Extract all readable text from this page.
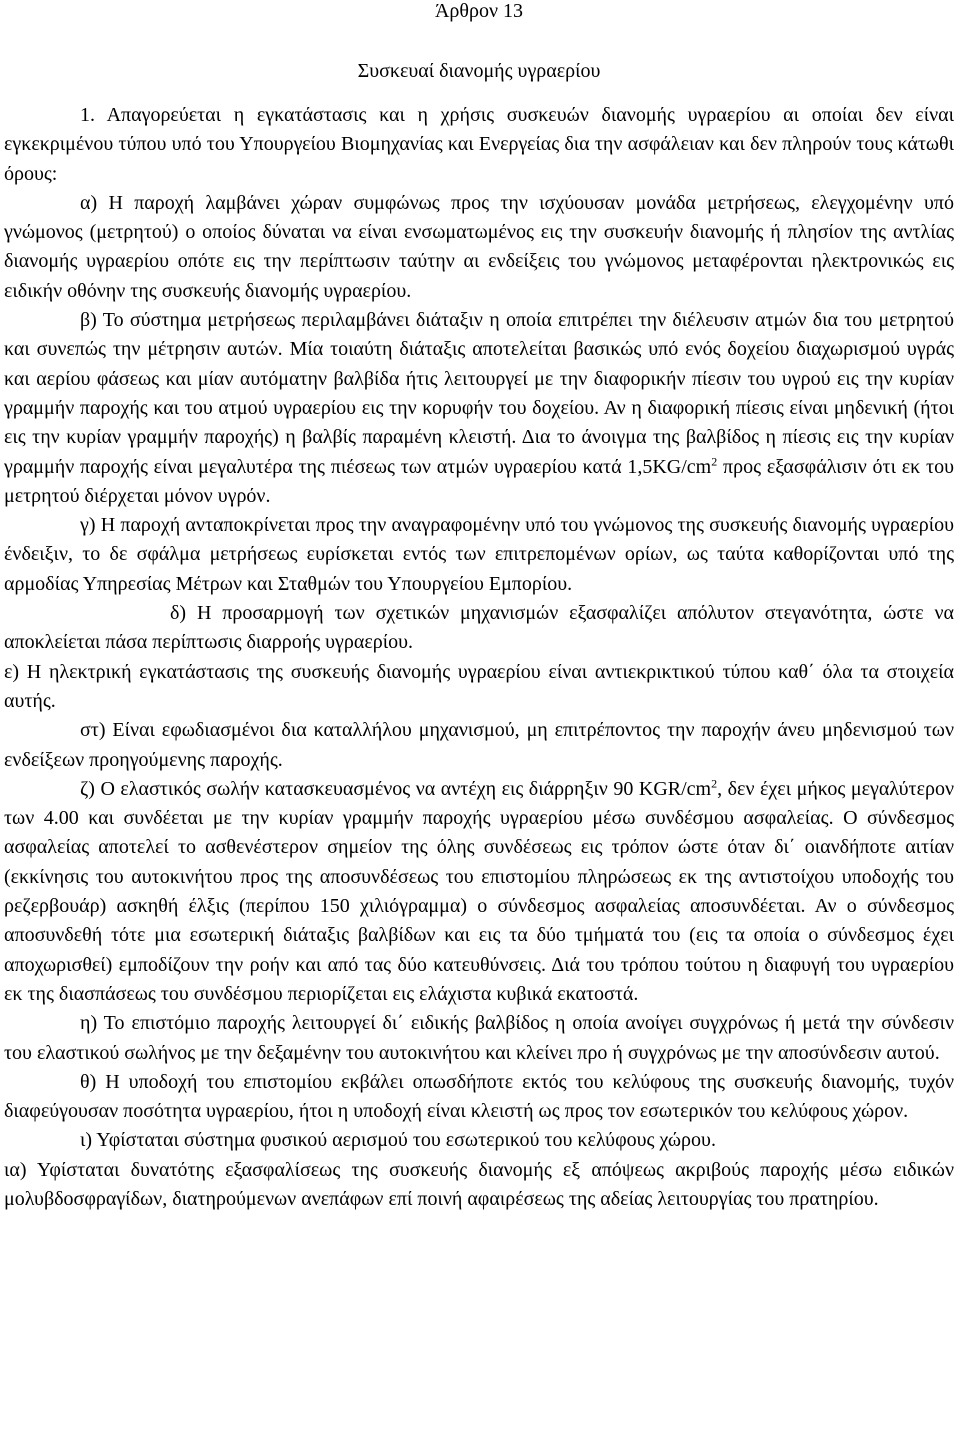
Άρθρον 13
Συσκευαί διανομής υγραερίου

1. Απαγορεύεται η εγκατάστασις και η χρήσις συσκευών διανομής υγραερίου αι οποίαι δεν είναι εγκεκριμένου τύπου υπό του Υπουργείου Βιομηχανίας και Ενεργείας δια την ασφάλειαν και δεν πληρούν τους κάτωθι όρους:

α) Η παροχή λαμβάνει χώραν συμφώνως προς την ισχύουσαν μονάδα μετρήσεως, ελεγχομένην υπό γνώμονος (μετρητού) ο οποίος δύναται να είναι ενσωματωμένος εις την συσκευήν διανομής ή πλησίον της αντλίας διανομής υγραερίου οπότε εις την περίπτωσιν ταύτην αι ενδείξεις του γνώμονος μεταφέρονται ηλεκτρονικώς εις ειδικήν οθόνην της συσκευής διανομής υγραερίου.

β) Το σύστημα μετρήσεως περιλαμβάνει διάταξιν η οποία επιτρέπει την διέλευσιν ατμών δια του μετρητού και συνεπώς την μέτρησιν αυτών. Μία τοιαύτη διάταξις αποτελείται βασικώς υπό ενός δοχείου διαχωρισμού υγράς και αερίου φάσεως και μίαν αυτόματην βαλβίδα ήτις λειτουργεί με την διαφορικήν πίεσιν του υγρού εις την κυρίαν γραμμήν παροχής και του ατμού υγραερίου εις την κορυφήν του δοχείου. Αν η διαφορική πίεσις είναι μηδενική (ήτοι εις την κυρίαν γραμμήν παροχής) η βαλβίς παραμένη κλειστή. Δια το άνοιγμα της βαλβίδος η πίεσις εις την κυρίαν γραμμήν παροχής είναι μεγαλυτέρα της πιέσεως των ατμών υγραερίου κατά $1,5KG/cm^2$ προς εξασφάλισιν ότι εκ του μετρητού διέρχεται μόνον υγρόν.

γ) Η παροχή ανταποκρίνεται προς την αναγραφομένην υπό του γνώμονος της συσκευής διανομής υγραερίου ένδειξιν, το δε σφάλμα μετρήσεως ευρίσκεται εντός των επιτρεπομένων ορίων, ως ταύτα καθορίζονται υπό της αρμοδίας Υπηρεσίας Μέτρων και Σταθμών του Υπουργείου Εμπορίου.

δ) Η προσαρμογή των σχετικών μηχανισμών εξασφαλίζει απόλυτον στεγανότητα, ώστε να αποκλείεται πάσα περίπτωσις διαρροής υγραερίου.

ε) Η ηλεκτρική εγκατάστασις της συσκευής διανομής υγραερίου είναι αντιεκρικτικού τύπου καθ΄ όλα τα στοιχεία αυτής.

στ) Είναι εφωδιασμένοι δια καταλλήλου μηχανισμού, μη επιτρέποντος την παροχήν άνευ μηδενισμού των ενδείξεων προηγούμενης παροχής.

ζ) Ο ελαστικός σωλήν κατασκευασμένος να αντέχη εις διάρρηξιν 90 KGR/$cm^2$, δεν έχει μήκος μεγαλύτερον των 4.00 και συνδέεται με την κυρίαν γραμμήν παροχής υγραερίου μέσω συνδέσμου ασφαλείας. Ο σύνδεσμος ασφαλείας αποτελεί το ασθενέστερον σημείον της όλης συνδέσεως εις τρόπον ώστε όταν δι΄ οιανδήποτε αιτίαν (εκκίνησις του αυτοκινήτου προς της αποσυνδέσεως του επιστομίου πληρώσεως εκ της αντιστοίχου υποδοχής του ρεζερβουάρ) ασκηθή έλξις (περίπου 150 χιλιόγραμμα) ο σύνδεσμος ασφαλείας αποσυνδέεται. Αν ο σύνδεσμος αποσυνδεθή τότε μια εσωτερική διάταξις βαλβίδων και εις τα δύο τμήματά του (εις τα οποία ο σύνδεσμος έχει αποχωρισθεί) εμποδίζουν την ροήν και από τας δύο κατευθύνσεις. Διά του τρόπου τούτου η διαφυγή του υγραερίου εκ της διασπάσεως του συνδέσμου περιορίζεται εις ελάχιστα κυβικά εκατοστά.

η) Το επιστόμιο παροχής λειτουργεί δι΄ ειδικής βαλβίδος η οποία ανοίγει συγχρόνως ή μετά την σύνδεσιν του ελαστικού σωλήνος με την δεξαμένην του αυτοκινήτου και κλείνει προ ή συγχρόνως με την αποσύνδεσιν αυτού.

θ) Η υποδοχή του επιστομίου εκβάλει οπωσδήποτε εκτός του κελύφους της συσκευής διανομής, τυχόν διαφεύγουσαν ποσότητα υγραερίου, ήτοι η υποδοχή είναι κλειστή ως προς τον εσωτερικόν του κελύφους χώρον.

ι) Υφίσταται σύστημα φυσικού αερισμού του εσωτερικού του κελύφους χώρου.

ια) Υφίσταται δυνατότης εξασφαλίσεως της συσκευής διανομής εξ απόψεως ακριβούς παροχής μέσω ειδικών μολυβδοσφραγίδων, διατηρούμενων ανεπάφων επί ποινή αφαιρέσεως της αδείας λειτουργίας του πρατηρίου.
